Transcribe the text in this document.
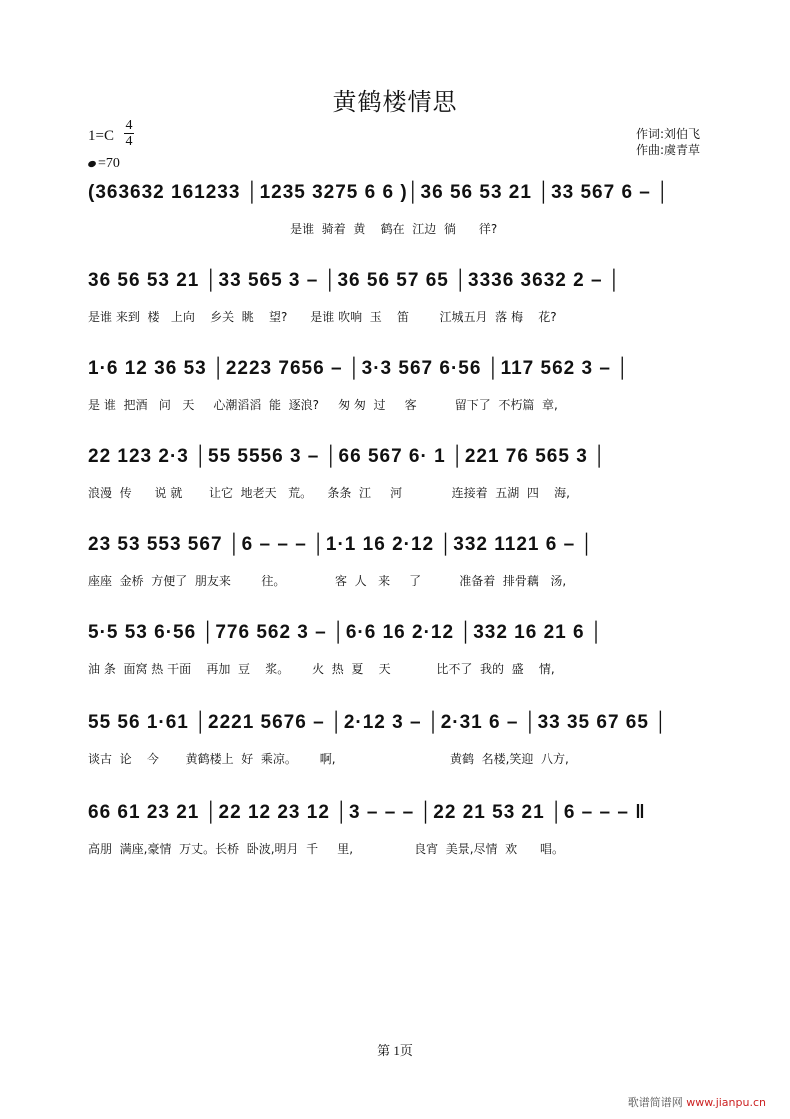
黄鹤楼情思
1=C
4
4
=70
作词:刘伯飞
作曲:虞青草
(363632 161233 │1235 3275 6 6 )│36 56 53 21 │33 567 6 – │
是谁  骑着  黄    鹤在  江边  徜      徉?
36 56 53 21 │33 565 3 – │36 56 57 65 │3336 3632 2 – │
是谁 来到  楼   上向    乡关  眺    望?      是谁 吹响  玉    笛        江城五月  落 梅    花?
1·6 12 36 53 │2223 7656 – │3·3 567 6·56 │117 562 3 – │
是 谁  把酒   问   天     心潮滔滔  能  逐浪?     匆 匆  过     客          留下了  不朽篇  章,
22 123 2·3 │55 5556 3 – │66 567 6· 1 │221 76 565 3 │
浪漫  传      说 就       让它  地老天   荒。    条条  江     河             连接着  五湖  四    海,
23 53 553 567 │6 – – – │1·1 16 2·12 │332 1121 6 – │
座座  金桥  方便了  朋友来        往。             客  人   来     了          准备着  排骨藕   汤,
5·5 53 6·56 │776 562 3 – │6·6 16 2·12 │332 16 21 6 │
油 条  面窝 热 干面    再加  豆    浆。      火  热  夏    天            比不了  我的  盛    情,
55 56 1·61 │2221 5676 – │2·12 3 – │2·31 6 – │33 35 67 65 │
谈古  论    今       黄鹤楼上  好  乘凉。      啊,                              黄鹤  名楼,笑迎  八方,
66 61 23 21 │22 12 23 12 │3 – – – │22 21 53 21 │6 – – – ‖
高朋  满座,豪情  万丈。长桥  卧波,明月  千     里,                良宵  美景,尽情  欢      唱。
第 1页
歌谱简谱网 www.jianpu.cn
